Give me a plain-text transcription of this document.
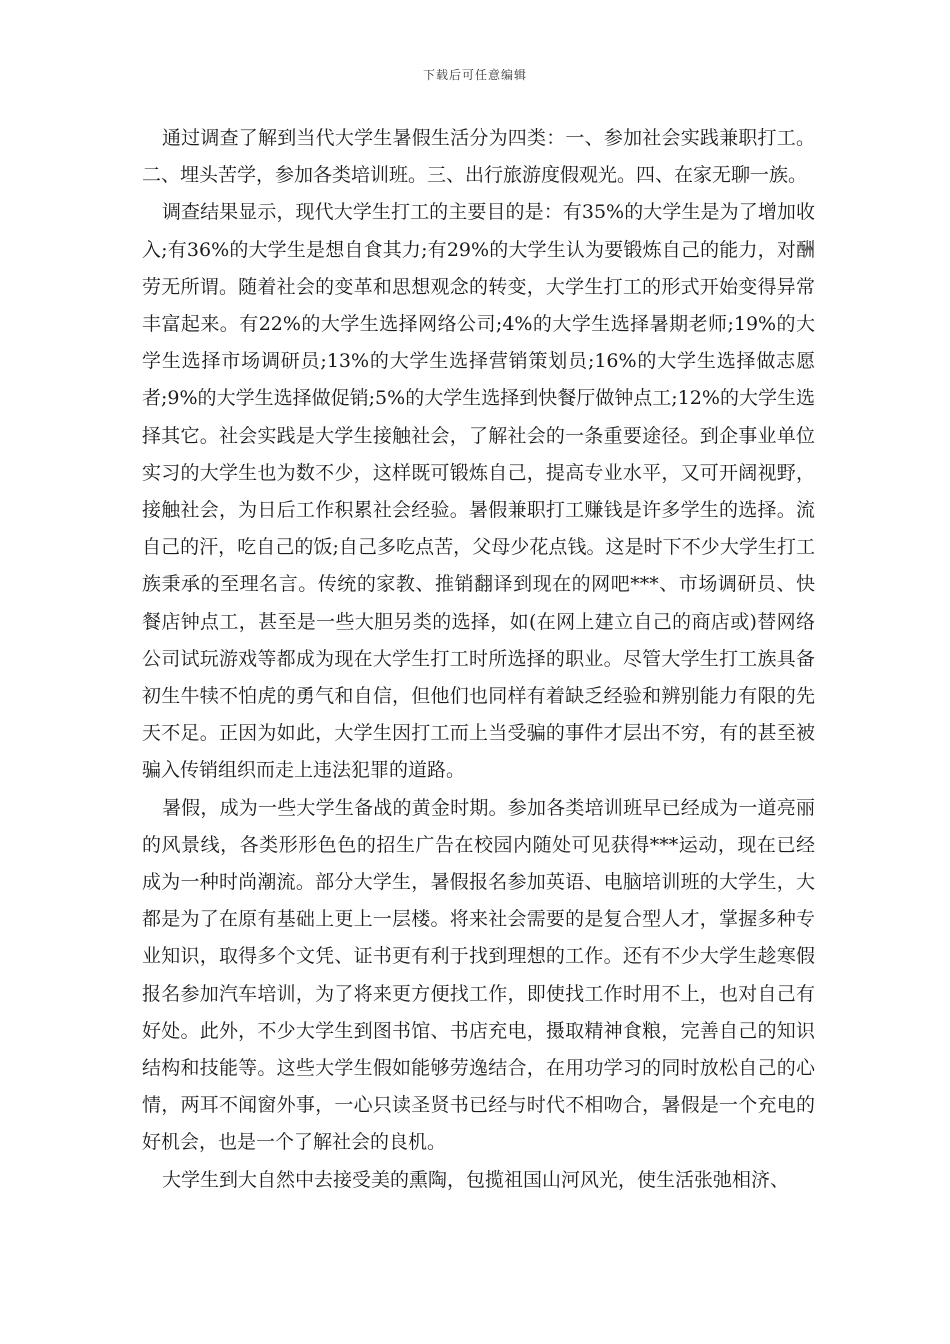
下载后可任意编辑

通过调查了解到当代大学生暑假生活分为四类：一、参加社会实践兼职打工。二、埋头苦学，参加各类培训班。三、出行旅游度假观光。四、在家无聊一族。

调查结果显示，现代大学生打工的主要目的是：有35%的大学生是为了增加收入;有36%的大学生是想自食其力;有29%的大学生认为要锻炼自己的能力，对酬劳无所谓。随着社会的变革和思想观念的转变，大学生打工的形式开始变得异常丰富起来。有22%的大学生选择网络公司;4%的大学生选择暑期老师;19%的大学生选择市场调研员;13%的大学生选择营销策划员;16%的大学生选择做志愿者;9%的大学生选择做促销;5%的大学生选择到快餐厅做钟点工;12%的大学生选择其它。社会实践是大学生接触社会，了解社会的一条重要途径。到企事业单位实习的大学生也为数不少，这样既可锻炼自己，提高专业水平，又可开阔视野，接触社会，为日后工作积累社会经验。暑假兼职打工赚钱是许多学生的选择。流自己的汗，吃自己的饭;自己多吃点苦，父母少花点钱。这是时下不少大学生打工族秉承的至理名言。传统的家教、推销翻译到现在的网吧***、市场调研员、快餐店钟点工，甚至是一些大胆另类的选择，如(在网上建立自己的商店或)替网络公司试玩游戏等都成为现在大学生打工时所选择的职业。尽管大学生打工族具备初生牛犊不怕虎的勇气和自信，但他们也同样有着缺乏经验和辨别能力有限的先天不足。正因为如此，大学生因打工而上当受骗的事件才层出不穷，有的甚至被骗入传销组织而走上违法犯罪的道路。

暑假，成为一些大学生备战的黄金时期。参加各类培训班早已经成为一道亮丽的风景线，各类形形色色的招生广告在校园内随处可见获得***运动，现在已经成为一种时尚潮流。部分大学生，暑假报名参加英语、电脑培训班的大学生，大都是为了在原有基础上更上一层楼。将来社会需要的是复合型人才，掌握多种专业知识，取得多个文凭、证书更有利于找到理想的工作。还有不少大学生趁寒假报名参加汽车培训，为了将来更方便找工作，即使找工作时用不上，也对自己有好处。此外，不少大学生到图书馆、书店充电，摄取精神食粮，完善自己的知识结构和技能等。这些大学生假如能够劳逸结合，在用功学习的同时放松自己的心情，两耳不闻窗外事，一心只读圣贤书已经与时代不相吻合，暑假是一个充电的好机会，也是一个了解社会的良机。

大学生到大自然中去接受美的熏陶，包揽祖国山河风光，使生活张弛相济、
